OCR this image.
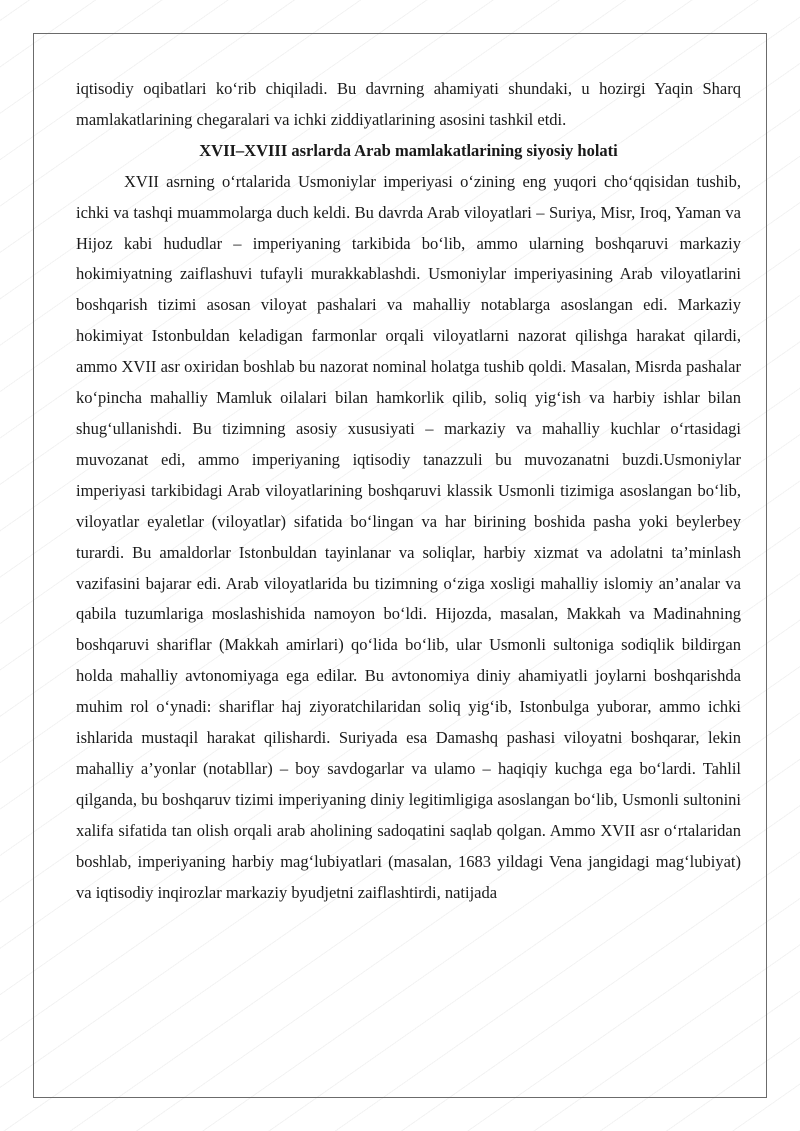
iqtisodiy oqibatlari koʻrib chiqiladi. Bu davrning ahamiyati shundaki, u hozirgi Yaqin Sharq mamlakatlarining chegaralari va ichki ziddiyatlarining asosini tashkil etdi.

XVII–XVIII asrlarda Arab mamlakatlarining siyosiy holati

XVII asrning oʻrtalarida Usmoniylar imperiyasi oʻzining eng yuqori choʻqqisidan tushib, ichki va tashqi muammolarga duch keldi. Bu davrda Arab viloyatlari – Suriya, Misr, Iroq, Yaman va Hijoz kabi hududlar – imperiyaning tarkibida boʻlib, ammo ularning boshqaruvi markaziy hokimiyatning zaiflashuvi tufayli murakkablashdi. Usmoniylar imperiyasining Arab viloyatlarini boshqarish tizimi asosan viloyat pashalari va mahalliy notablarga asoslangan edi. Markaziy hokimiyat Istonbuldan keladigan farmonlar orqali viloyatlarni nazorat qilishga harakat qilardi, ammo XVII asr oxiridan boshlab bu nazorat nominal holatga tushib qoldi. Masalan, Misrda pashalar koʻpincha mahalliy Mamluk oilalari bilan hamkorlik qilib, soliq yigʻish va harbiy ishlar bilan shugʻullanishdi. Bu tizimning asosiy xususiyati – markaziy va mahalliy kuchlar oʻrtasidagi muvozanat edi, ammo imperiyaning iqtisodiy tanazzuli bu muvozanatni buzdi.Usmoniylar imperiyasi tarkibidagi Arab viloyatlarining boshqaruvi klassik Usmonli tizimiga asoslangan boʻlib, viloyatlar eyaletlar (viloyatlar) sifatida boʻlingan va har birining boshida pasha yoki beylerbey turardi. Bu amaldorlar Istonbuldan tayinlanar va soliqlar, harbiy xizmat va adolatni ta’minlash vazifasini bajarar edi. Arab viloyatlarida bu tizimning oʻziga xosligi mahalliy islomiy an’analar va qabila tuzumlariga moslashishida namoyon boʻldi. Hijozda, masalan, Makkah va Madinahning boshqaruvi shariflar (Makkah amirlari) qoʻlida boʻlib, ular Usmonli sultoniga sodiqlik bildirgan holda mahalliy avtonomiyaga ega edilar. Bu avtonomiya diniy ahamiyatli joylarni boshqarishda muhim rol oʻynadi: shariflar haj ziyoratchilaridan soliq yigʻib, Istonbulga yuborar, ammo ichki ishlarida mustaqil harakat qilishardi. Suriyada esa Damashq pashasi viloyatni boshqarar, lekin mahalliy a’yonlar (notabllar) – boy savdogarlar va ulamo – haqiqiy kuchga ega boʻlardi. Tahlil qilganda, bu boshqaruv tizimi imperiyaning diniy legitimligiga asoslangan boʻlib, Usmonli sultonini xalifa sifatida tan olish orqali arab aholining sadoqatini saqlab qolgan. Ammo XVII asr oʻrtalaridan boshlab, imperiyaning harbiy magʻlubiyatlari (masalan, 1683 yildagi Vena jangidagi magʻlubiyat) va iqtisodiy inqirozlar markaziy byudjetni zaiflashtirdi, natijada
